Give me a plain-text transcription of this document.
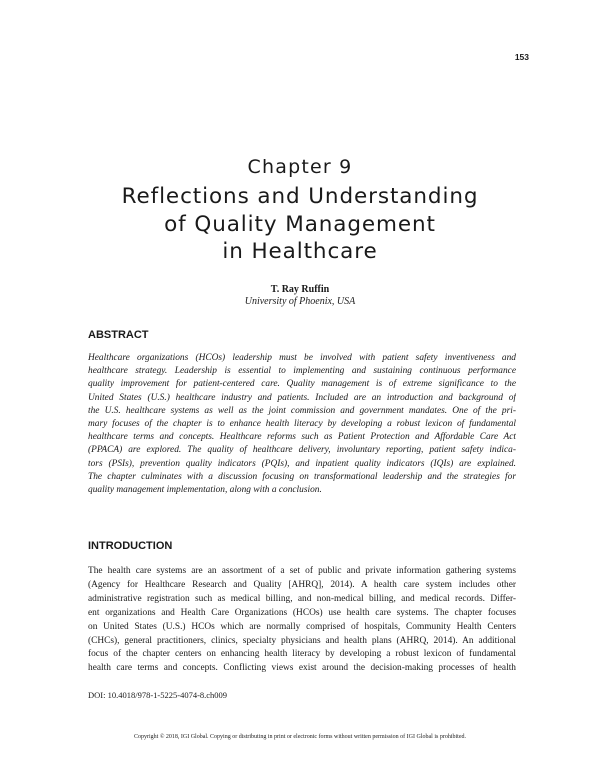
153
Chapter 9
Reflections and Understanding
of Quality Management
in Healthcare
T. Ray Ruffin
University of Phoenix, USA
ABSTRACT
Healthcare organizations (HCOs) leadership must be involved with patient safety inventiveness and
healthcare strategy. Leadership is essential to implementing and sustaining continuous performance
quality improvement for patient-centered care. Quality management is of extreme significance to the
United States (U.S.) healthcare industry and patients. Included are an introduction and background of
the U.S. healthcare systems as well as the joint commission and government mandates. One of the pri-
mary focuses of the chapter is to enhance health literacy by developing a robust lexicon of fundamental
healthcare terms and concepts. Healthcare reforms such as Patient Protection and Affordable Care Act
(PPACA) are explored. The quality of healthcare delivery, involuntary reporting, patient safety indica-
tors (PSIs), prevention quality indicators (PQIs), and inpatient quality indicators (IQIs) are explained.
The chapter culminates with a discussion focusing on transformational leadership and the strategies for
quality management implementation, along with a conclusion.
INTRODUCTION
The health care systems are an assortment of a set of public and private information gathering systems
(Agency for Healthcare Research and Quality [AHRQ], 2014). A health care system includes other
administrative registration such as medical billing, and non-medical billing, and medical records. Differ-
ent organizations and Health Care Organizations (HCOs) use health care systems. The chapter focuses
on United States (U.S.) HCOs which are normally comprised of hospitals, Community Health Centers
(CHCs), general practitioners, clinics, specialty physicians and health plans (AHRQ, 2014). An additional
focus of the chapter centers on enhancing health literacy by developing a robust lexicon of fundamental
health care terms and concepts. Conflicting views exist around the decision-making processes of health
DOI: 10.4018/978-1-5225-4074-8.ch009
Copyright © 2018, IGI Global. Copying or distributing in print or electronic forms without written permission of IGI Global is prohibited.
